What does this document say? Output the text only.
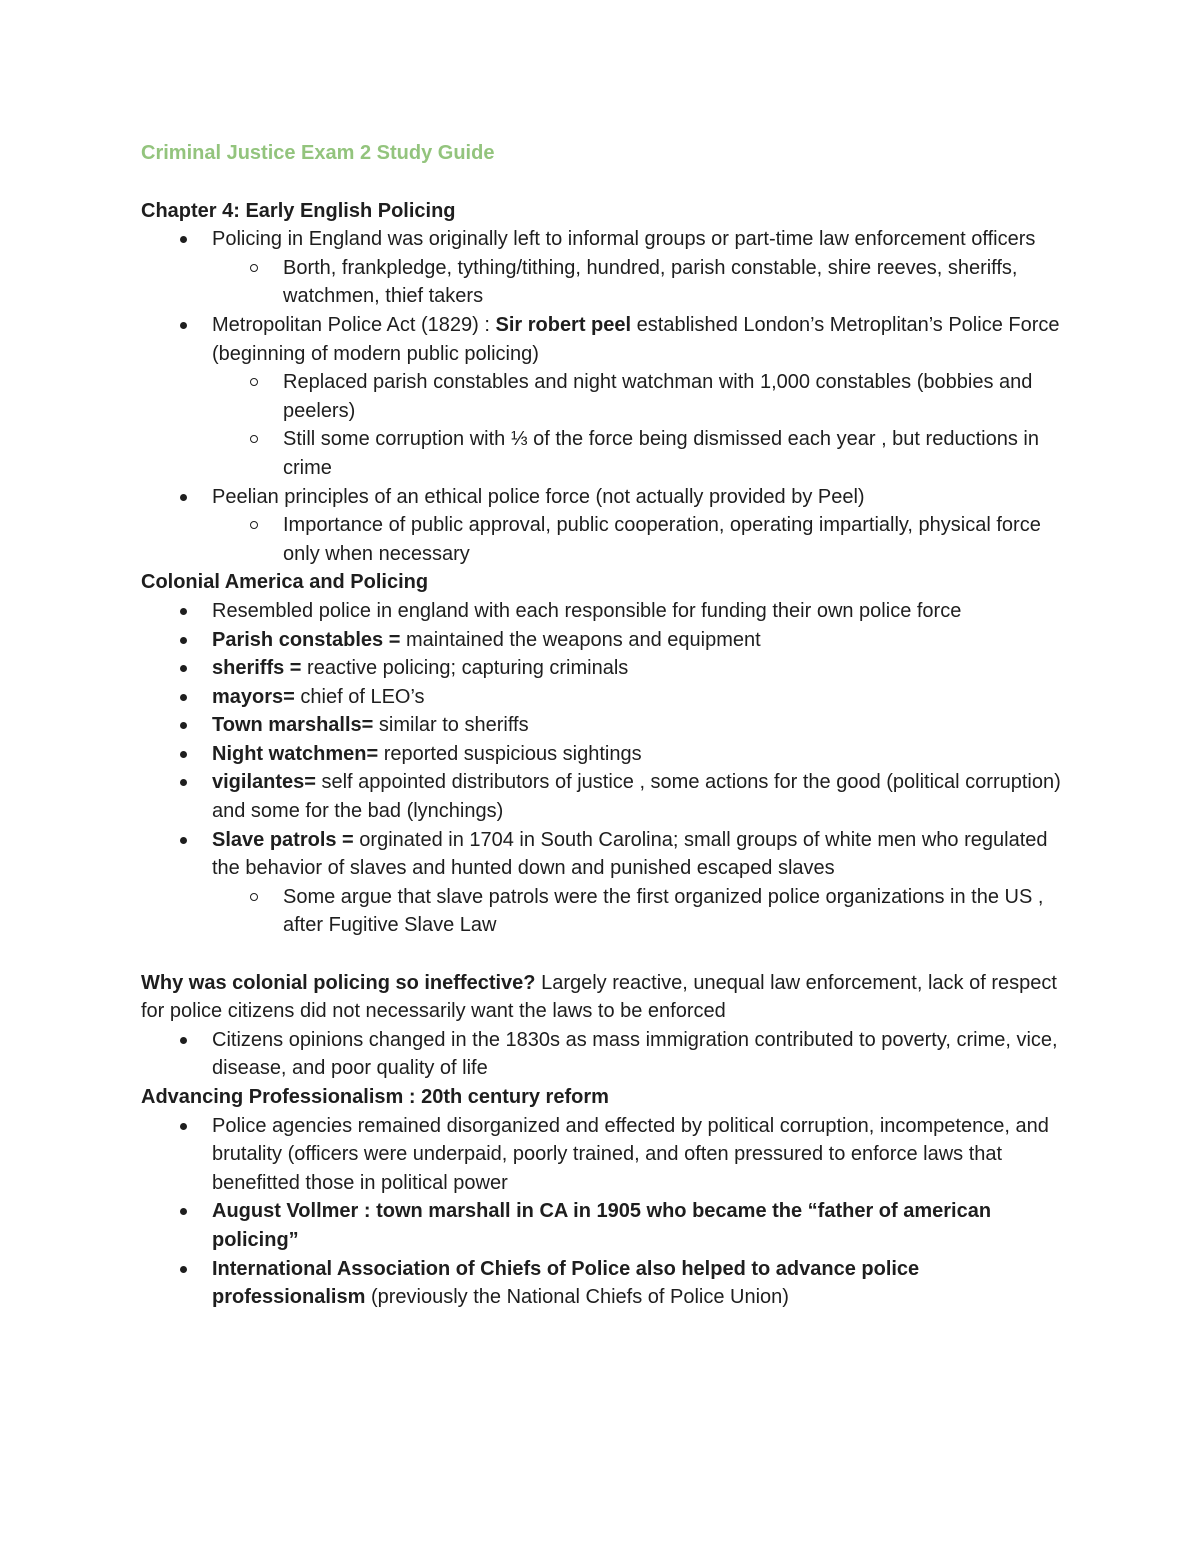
Criminal Justice Exam 2 Study Guide
Chapter 4: Early English Policing
Policing in England was originally left to informal groups or part-time law enforcement officers
Borth, frankpledge, tything/tithing, hundred, parish constable, shire reeves, sheriffs, watchmen, thief takers
Metropolitan Police Act (1829) : Sir robert peel established London’s Metroplitan’s Police Force (beginning of modern public policing)
Replaced parish constables and night watchman with 1,000 constables (bobbies and peelers)
Still some corruption with ⅓ of the force being dismissed each year , but reductions in crime
Peelian principles of an ethical police force (not actually provided by Peel)
Importance of public approval, public cooperation, operating impartially, physical force only when necessary
Colonial America and Policing
Resembled police in england with each responsible for funding their own police force
Parish constables = maintained the weapons and equipment
sheriffs = reactive policing; capturing criminals
mayors= chief of LEO’s
Town marshalls= similar to sheriffs
Night watchmen= reported suspicious sightings
vigilantes= self appointed distributors of justice , some actions for the good (political corruption) and some for the bad (lynchings)
Slave patrols = orginated in 1704 in South Carolina; small groups of white men who regulated the behavior of slaves and hunted down and punished escaped slaves
Some argue that slave patrols were the first organized police organizations in the US , after Fugitive Slave Law
Why was colonial policing so ineffective? Largely reactive, unequal law enforcement, lack of respect for police citizens did not necessarily want the laws to be enforced
Citizens opinions changed in the 1830s as mass immigration contributed to poverty, crime, vice, disease, and poor quality of life
Advancing Professionalism : 20th century reform
Police agencies remained disorganized and effected by political corruption, incompetence, and brutality (officers were underpaid, poorly trained, and often pressured to enforce laws that benefitted those in political power
August Vollmer : town marshall in CA in 1905 who became the “father of american policing”
International Association of Chiefs of Police also helped to advance police professionalism (previously the National Chiefs of Police Union)
